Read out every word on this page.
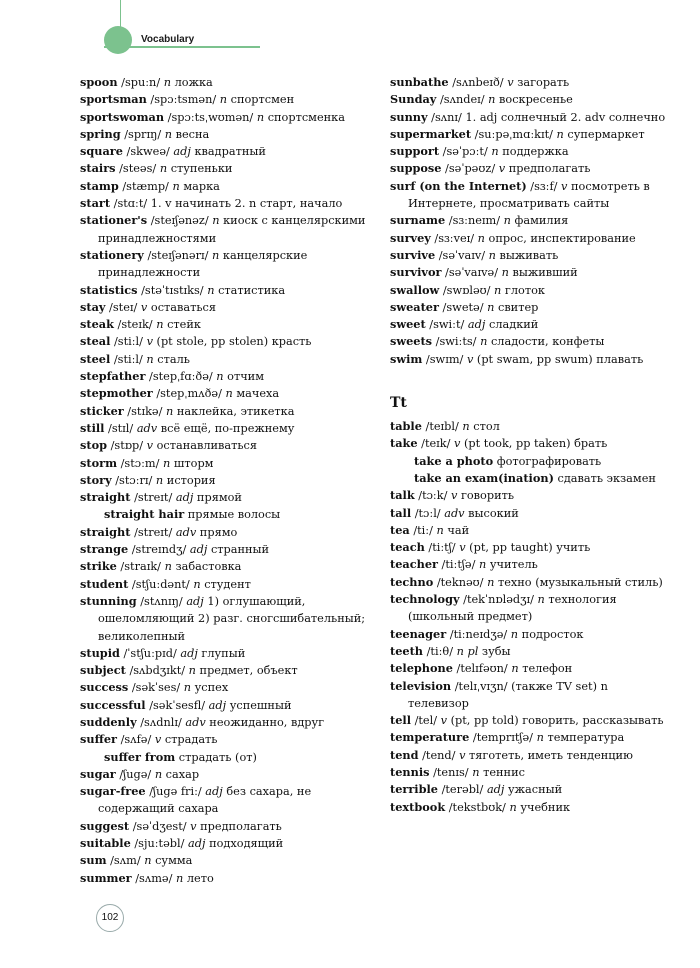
Vocabulary
spoon /spuːn/ n ложка
sportsman /spɔːtsmən/ n спортсмен
sportswoman /spɔːtsˌwʊmən/ n спортсменка
spring /sprɪŋ/ n весна
square /skweə/ adj квадратный
stairs /steəs/ n ступеньки
stamp /stæmp/ n марка
start /stɑːt/ 1. v начинать 2. n старт, начало
stationer's /steɪʃənəz/ n киоск с канцелярскими принадлежностями
stationery /steɪʃənərɪ/ n канцелярские принадлежности
statistics /stəˈtɪstɪks/ n статистика
stay /steɪ/ v оставаться
steak /steɪk/ n стейк
steal /stiːl/ v (pt stole, pp stolen) красть
steel /stiːl/ n сталь
stepfather /stepˌfɑːðə/ n отчим
stepmother /stepˌmʌðə/ n мачеха
sticker /stɪkə/ n наклейка, этикетка
still /stɪl/ adv всё ещё, по-прежнему
stop /stɒp/ v останавливаться
storm /stɔːm/ n шторм
story /stɔːrɪ/ n история
straight /streɪt/ adj прямой
straight hair прямые волосы
straight /streɪt/ adv прямо
strange /streɪndʒ/ adj странный
strike /straɪk/ n забастовка
student /stʃuːdənt/ n студент
stunning /stʌnɪŋ/ adj 1) оглушающий, ошеломляющий 2) разг. сногсшибательный; великолепный
stupid /ˈstʃuːpɪd/ adj глупый
subject /sʌbdʒɪkt/ n предмет, объект
success /səkˈses/ n успех
successful /səkˈsesfl/ adj успешный
suddenly /sʌdnlɪ/ adv неожиданно, вдруг
suffer /sʌfə/ v страдать
suffer from страдать (от)
sugar /ʃugə/ n сахар
sugar-free /ʃugə friː/ adj без сахара, не содержащий сахара
suggest /səˈdʒest/ v предполагать
suitable /sjuːtəbl/ adj подходящий
sum /sʌm/ n сумма
summer /sʌmə/ n лето
sunbathe /sʌnbeɪð/ v загорать
Sunday /sʌndeɪ/ n воскресенье
sunny /sʌnɪ/ 1. adj солнечный 2. adv солнечно
supermarket /suːpəˌmɑːkɪt/ n супермаркет
support /səˈpɔːt/ n поддержка
suppose /səˈpəʊz/ v предполагать
surf (on the Internet) /sɜːf/ v посмотреть в Интернете, просматривать сайты
surname /sɜːneɪm/ n фамилия
survey /sɜːveɪ/ n опрос, инспектирование
survive /səˈvaɪv/ n выживать
survivor /səˈvaɪvə/ n выживший
swallow /swɒləʊ/ n глоток
sweater /swetə/ n свитер
sweet /swiːt/ adj сладкий
sweets /swiːts/ n сладости, конфеты
swim /swɪm/ v (pt swam, pp swum) плавать
Tt
table /teɪbl/ n стол
take /teɪk/ v (pt took, pp taken) брать
take a photo фотографировать
take an exam(ination) сдавать экзамен
talk /tɔːk/ v говорить
tall /tɔːl/ adv высокий
tea /tiː/ n чай
teach /tiːtʃ/ v (pt, pp taught) учить
teacher /tiːtʃə/ n учитель
techno /teknəʊ/ n техно (музыкальный стиль)
technology /tekˈnɒlədʒɪ/ n технология (школьный предмет)
teenager /tiːneɪdʒə/ n подросток
teeth /tiːθ/ n pl зубы
telephone /telɪfəʊn/ n телефон
television /telɪˌvɪʒn/ (также TV set) n телевизор
tell /tel/ v (pt, pp told) говорить, рассказывать
temperature /temprɪtʃə/ n температура
tend /tend/ v тяготеть, иметь тенденцию
tennis /tenɪs/ n теннис
terrible /terəbl/ adj ужасный
textbook /tekstbʊk/ n учебник
102
